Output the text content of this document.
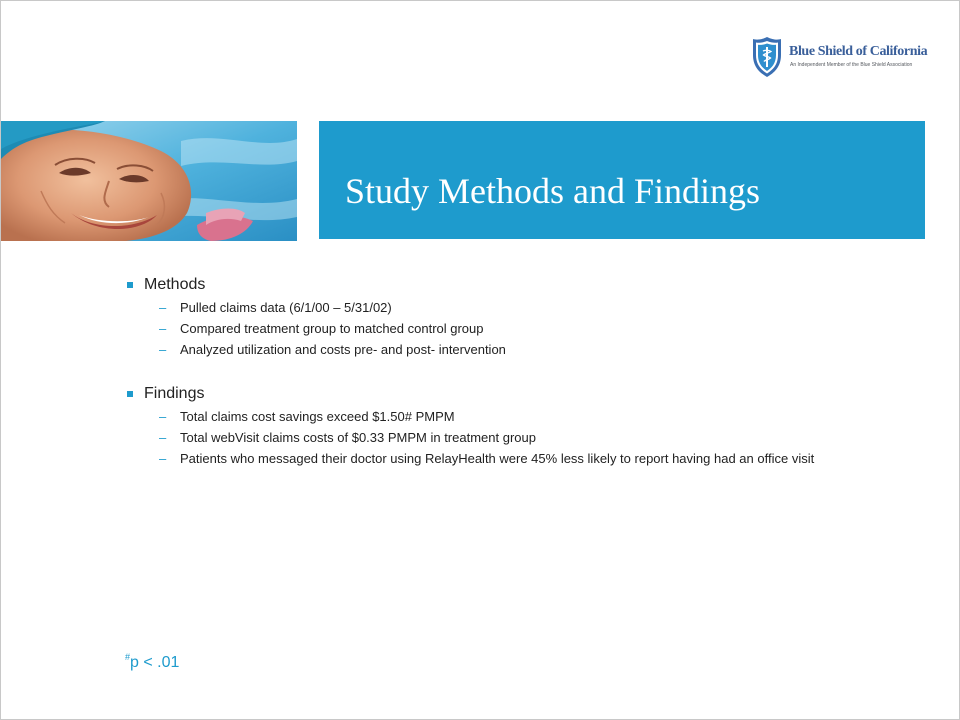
Blue Shield of California
An Independent Member of the Blue Shield Association
Study Methods and Findings
Methods
– Pulled claims data (6/1/00 – 5/31/02)
– Compared treatment group to matched control group
– Analyzed utilization and costs pre- and post- intervention
Findings
– Total claims cost savings exceed $1.50# PMPM
– Total webVisit claims costs of $0.33 PMPM in treatment group
– Patients who messaged their doctor using RelayHealth were 45% less likely to report having had an office visit
#p < .01
